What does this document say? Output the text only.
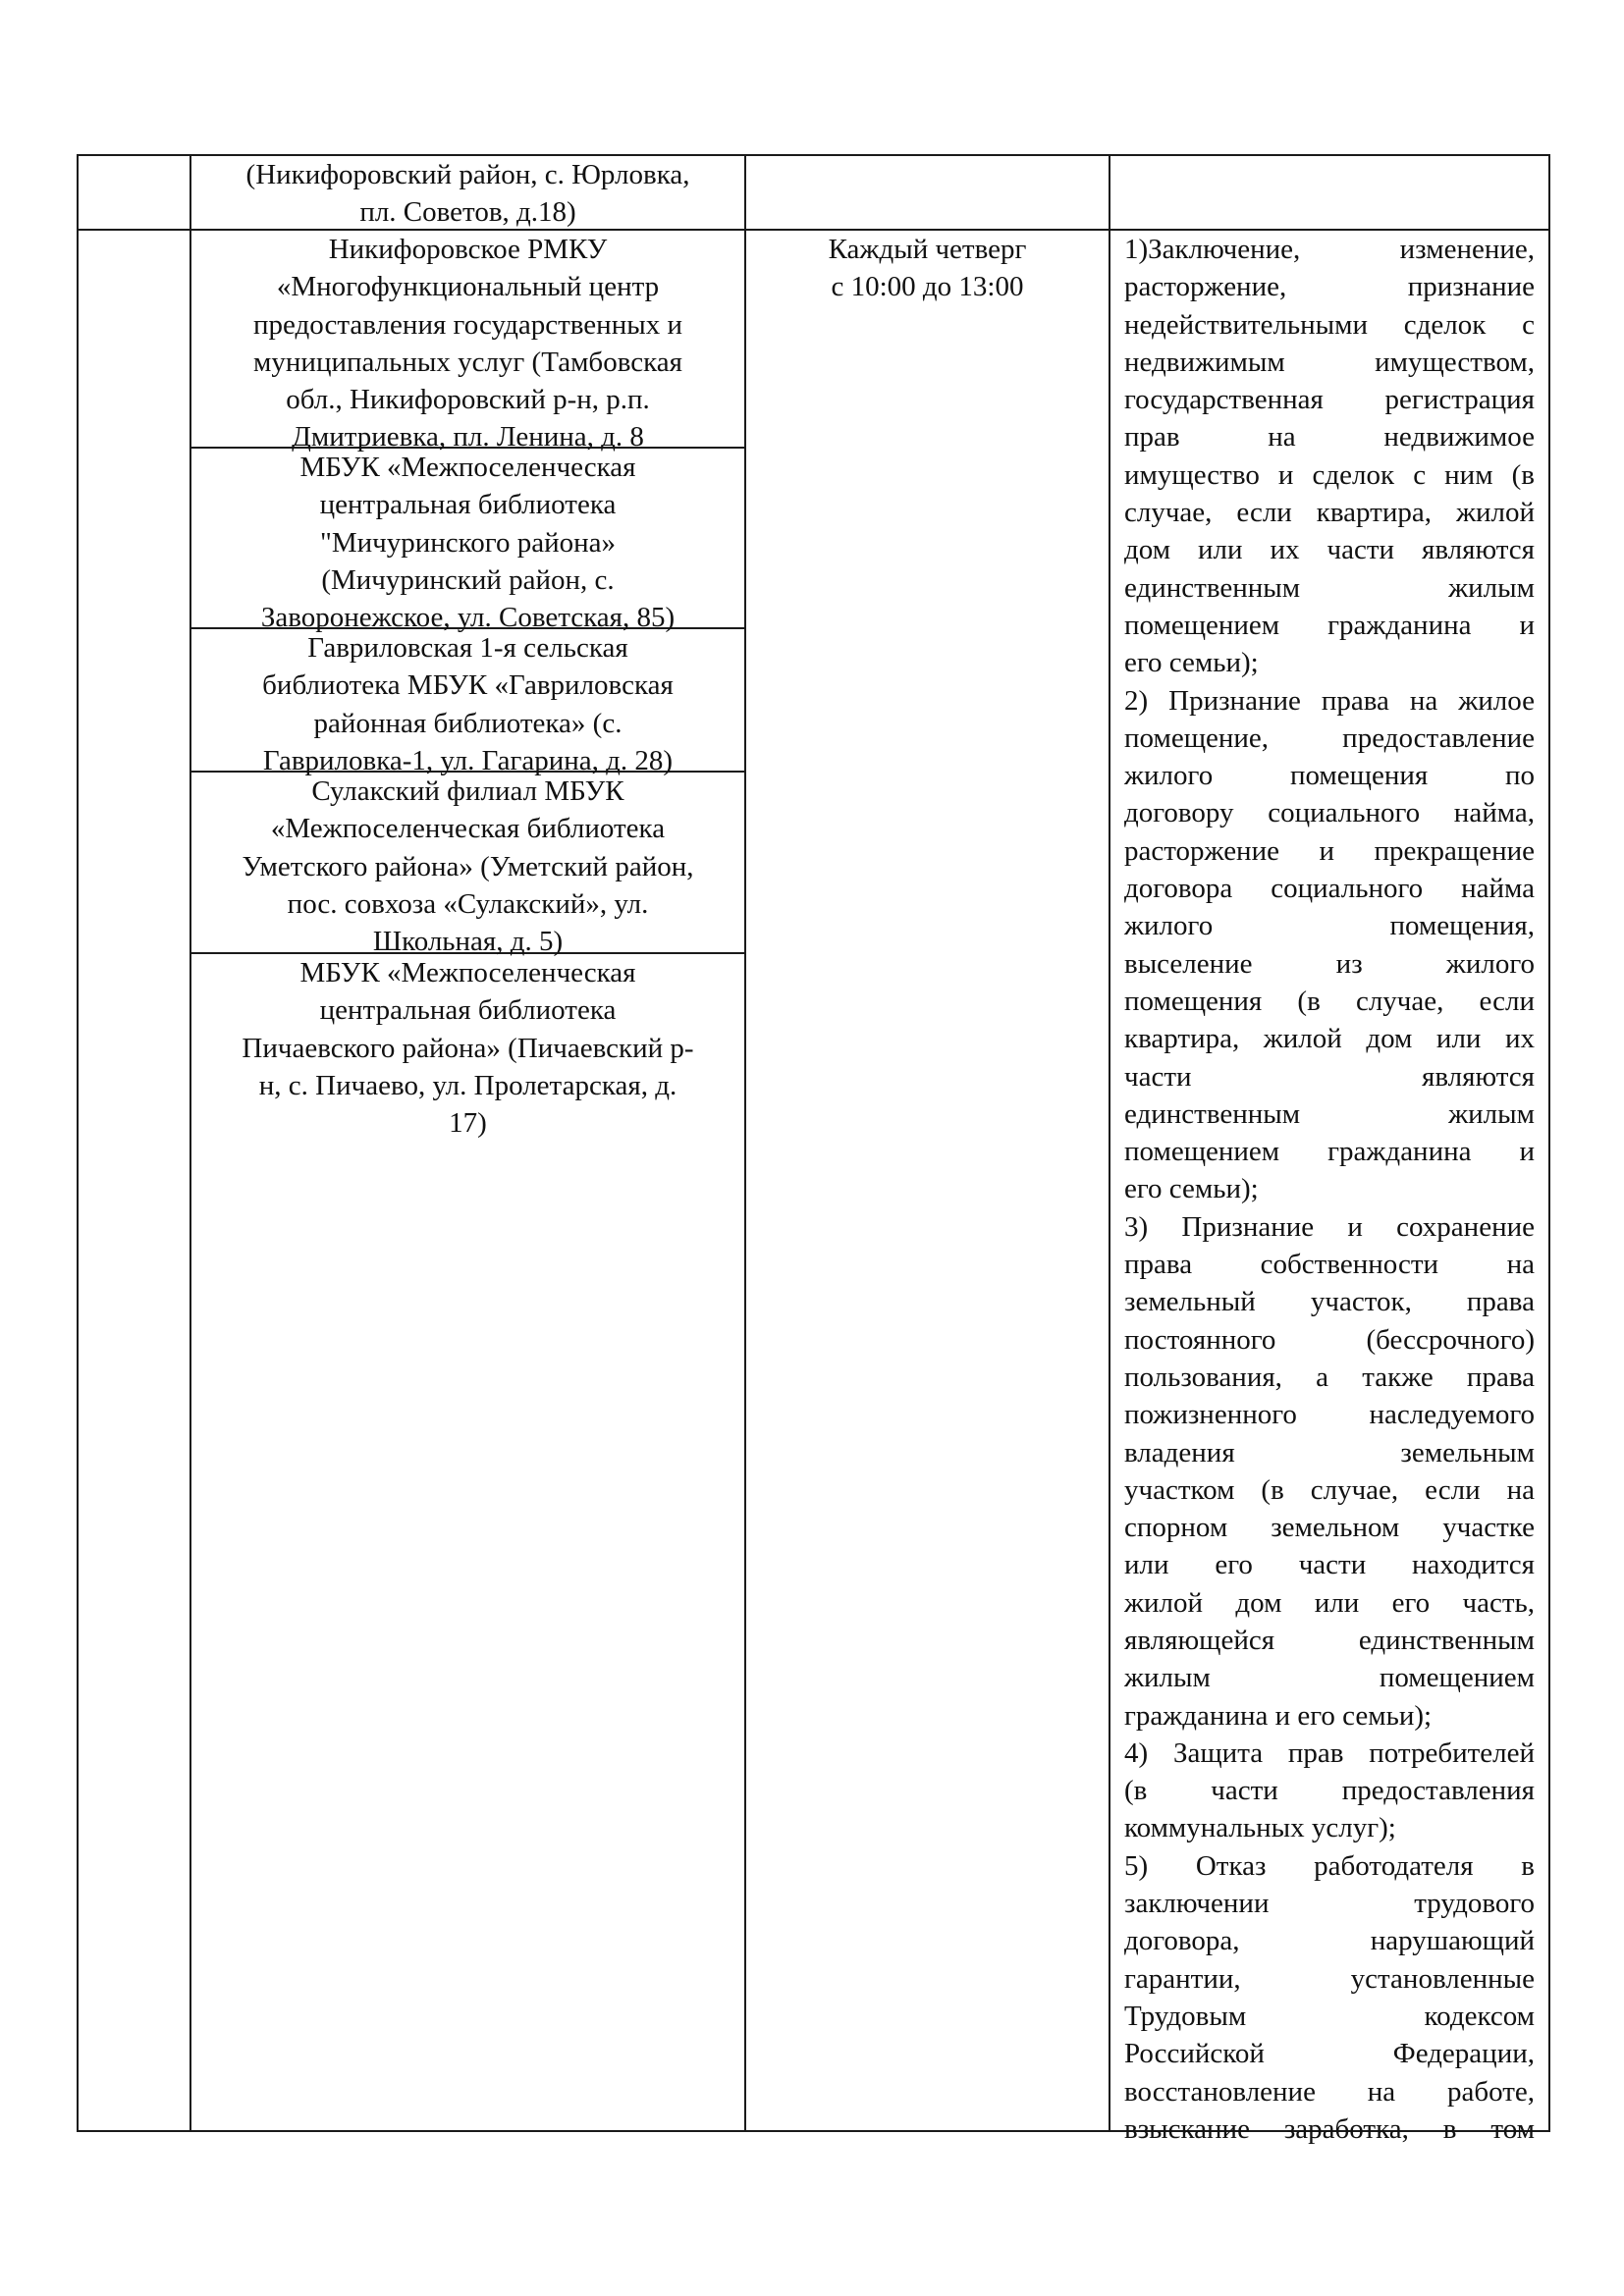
(Никифоровский район, с. Юрловка,
пл. Советов, д.18)
Никифоровское РМКУ
«Многофункциональный центр
предоставления государственных и
муниципальных услуг (Тамбовская
обл., Никифоровский р-н, р.п.
Дмитриевка, пл. Ленина, д. 8
МБУК «Межпоселенческая
центральная библиотека
"Мичуринского района»
(Мичуринский район, с.
Заворонежское, ул. Советская, 85)
Гавриловская 1-я сельская
библиотека МБУК «Гавриловская
районная библиотека» (с.
Гавриловка-1, ул. Гагарина, д. 28)
Сулакский филиал МБУК
«Межпоселенческая библиотека
Уметского района» (Уметский район,
пос. совхоза «Сулакский», ул.
Школьная, д. 5)
МБУК «Межпоселенческая
центральная библиотека
Пичаевского района» (Пичаевский р-
н, с. Пичаево, ул. Пролетарская, д.
17)
Каждый четверг
с 10:00 до 13:00
1)Заключение, изменение,
расторжение, признание
недействительными сделок с
недвижимым имуществом,
государственная регистрация
прав на недвижимое
имущество и сделок с ним (в
случае, если квартира, жилой
дом или их части являются
единственным жилым
помещением гражданина и
его семьи);
2) Признание права на жилое
помещение, предоставление
жилого помещения по
договору социального найма,
расторжение и прекращение
договора социального найма
жилого помещения,
выселение из жилого
помещения (в случае, если
квартира, жилой дом или их
части являются
единственным жилым
помещением гражданина и
его семьи);
3) Признание и сохранение
права собственности на
земельный участок, права
постоянного (бессрочного)
пользования, а также права
пожизненного наследуемого
владения земельным
участком (в случае, если на
спорном земельном участке
или его части находится
жилой дом или его часть,
являющейся единственным
жилым помещением
гражданина и его семьи);
4) Защита прав потребителей
(в части предоставления
коммунальных услуг);
5) Отказ работодателя в
заключении трудового
договора, нарушающий
гарантии, установленные
Трудовым кодексом
Российской Федерации,
восстановление на работе,
взыскание заработка, в том
